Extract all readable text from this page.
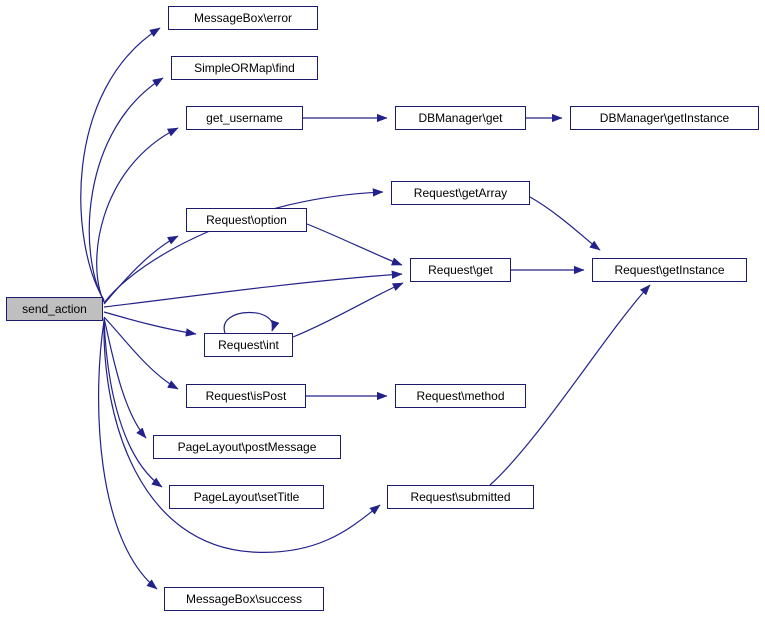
send_action
MessageBox\error
SimpleORMap\find
get_username	DBManager\get	DBManager\getInstance
Request\getArray
Request\option
Request\get	Request\getInstance
Request\int
Request\isPost	Request\method
PageLayout\postMessage
PageLayout\setTitle	Request\submitted
MessageBox\success
